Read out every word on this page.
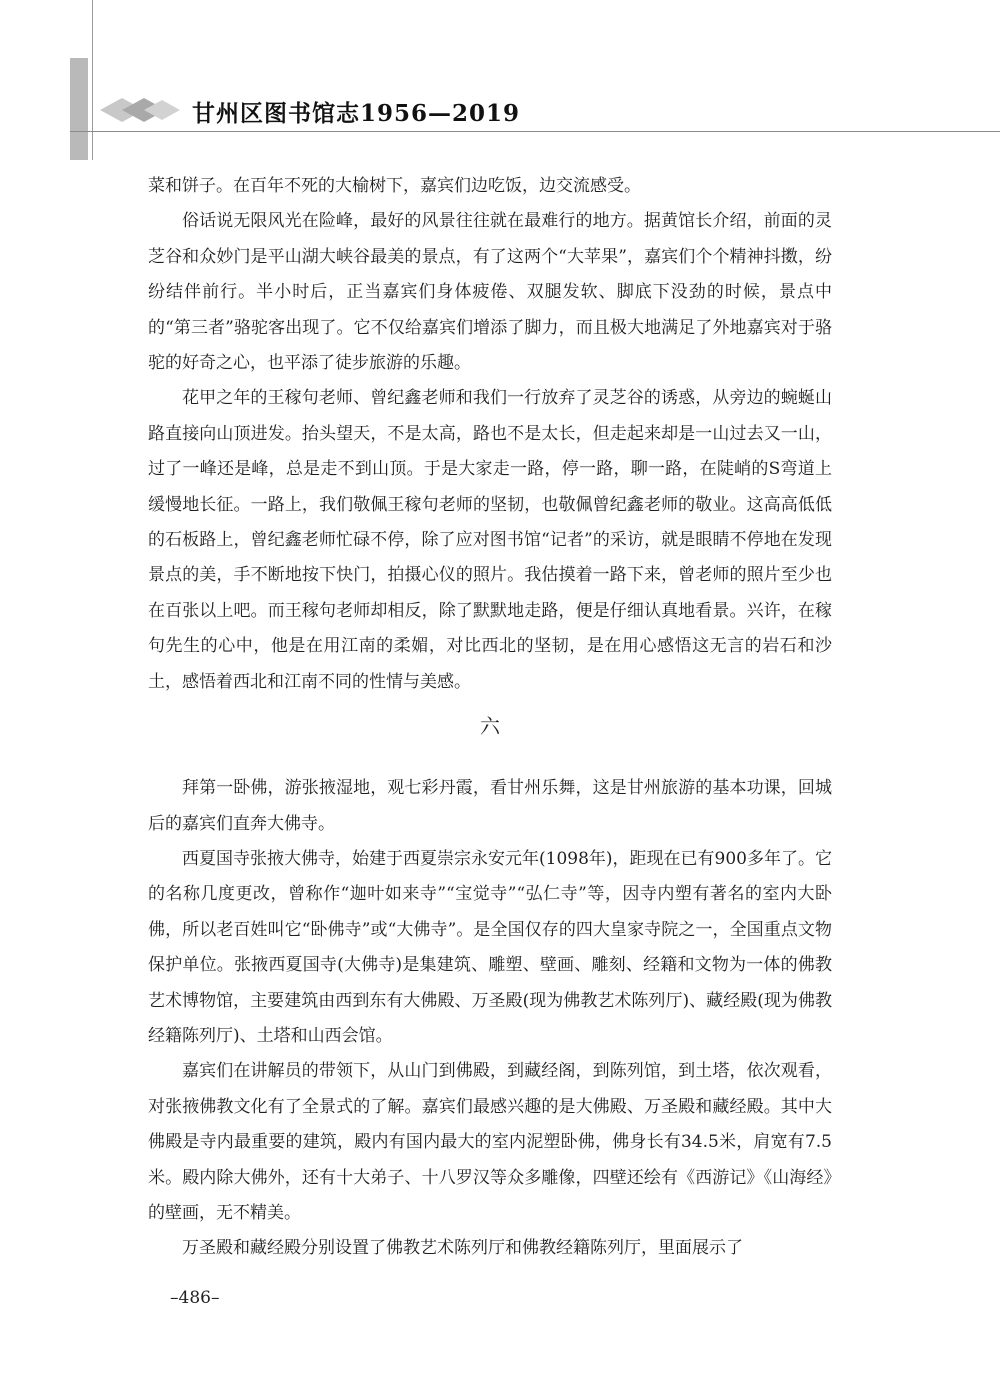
甘州区图书馆志1956—2019

菜和饼子。在百年不死的大榆树下，嘉宾们边吃饭，边交流感受。

俗话说无限风光在险峰，最好的风景往往就在最难行的地方。据黄馆长介绍，前面的灵芝谷和众妙门是平山湖大峡谷最美的景点，有了这两个“大苹果”，嘉宾们个个精神抖擞，纷纷结伴前行。半小时后，正当嘉宾们身体疲倦、双腿发软、脚底下没劲的时候，景点中的“第三者”骆驼客出现了。它不仅给嘉宾们增添了脚力，而且极大地满足了外地嘉宾对于骆驼的好奇之心，也平添了徒步旅游的乐趣。

花甲之年的王稼句老师、曾纪鑫老师和我们一行放弃了灵芝谷的诱惑，从旁边的蜿蜒山路直接向山顶进发。抬头望天，不是太高，路也不是太长，但走起来却是一山过去又一山，过了一峰还是峰，总是走不到山顶。于是大家走一路，停一路，聊一路，在陡峭的S弯道上缓慢地长征。一路上，我们敬佩王稼句老师的坚韧，也敬佩曾纪鑫老师的敬业。这高高低低的石板路上，曾纪鑫老师忙碌不停，除了应对图书馆“记者”的采访，就是眼睛不停地在发现景点的美，手不断地按下快门，拍摄心仪的照片。我估摸着一路下来，曾老师的照片至少也在百张以上吧。而王稼句老师却相反，除了默默地走路，便是仔细认真地看景。兴许，在稼句先生的心中，他是在用江南的柔媚，对比西北的坚韧，是在用心感悟这无言的岩石和沙土，感悟着西北和江南不同的性情与美感。

六

拜第一卧佛，游张掖湿地，观七彩丹霞，看甘州乐舞，这是甘州旅游的基本功课，回城后的嘉宾们直奔大佛寺。

西夏国寺张掖大佛寺，始建于西夏崇宗永安元年(1098年)，距现在已有900多年了。它的名称几度更改，曾称作“迦叶如来寺”“宝觉寺”“弘仁寺”等，因寺内塑有著名的室内大卧佛，所以老百姓叫它“卧佛寺”或“大佛寺”。是全国仅存的四大皇家寺院之一，全国重点文物保护单位。张掖西夏国寺(大佛寺)是集建筑、雕塑、壁画、雕刻、经籍和文物为一体的佛教艺术博物馆，主要建筑由西到东有大佛殿、万圣殿(现为佛教艺术陈列厅)、藏经殿(现为佛教经籍陈列厅)、土塔和山西会馆。

嘉宾们在讲解员的带领下，从山门到佛殿，到藏经阁，到陈列馆，到土塔，依次观看，对张掖佛教文化有了全景式的了解。嘉宾们最感兴趣的是大佛殿、万圣殿和藏经殿。其中大佛殿是寺内最重要的建筑，殿内有国内最大的室内泥塑卧佛，佛身长有34.5米，肩宽有7.5米。殿内除大佛外，还有十大弟子、十八罗汉等众多雕像，四壁还绘有《西游记》《山海经》的壁画，无不精美。

万圣殿和藏经殿分别设置了佛教艺术陈列厅和佛教经籍陈列厅，里面展示了

–486–
